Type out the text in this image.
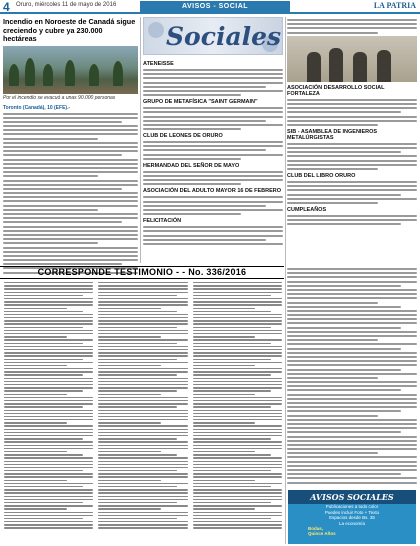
4 Oruro, miércoles 11 de mayo de 2016	AVISOS - SOCIAL	LA PATRIA
Incendio en Noroeste de Canadá sigue creciendo y cubre ya 230.000 hectáreas
Por el incendio se evacuó a unas 90.000 personas
Toronto (Canadá), 10 (EFE).-
Sociales
ATENEISSE
GRUPO DE METAFÍSICA "SAINT GERMAIN"
CLUB DE LEONES DE ORURO
HERMANDAD DEL SEÑOR DE MAYO
ASOCIACIÓN DEL ADULTO MAYOR 16 DE FEBRERO
FELICITACIÓN
ASOCIACIÓN DESARROLLO SOCIAL FORTALEZA
SIB - ASAMBLEA DE INGENIEROS METALÚRGISTAS
CLUB DEL LIBRO ORURO
CUMPLEAÑOS
CORRESPONDE TESTIMONIO - - No. 336/2016
AVISOS SOCIALES
Publicaciones a todo color
Puedes incluir Foto + Texto
Espacios desde Bs. 35
La economía
Bodas,
Quince Años
